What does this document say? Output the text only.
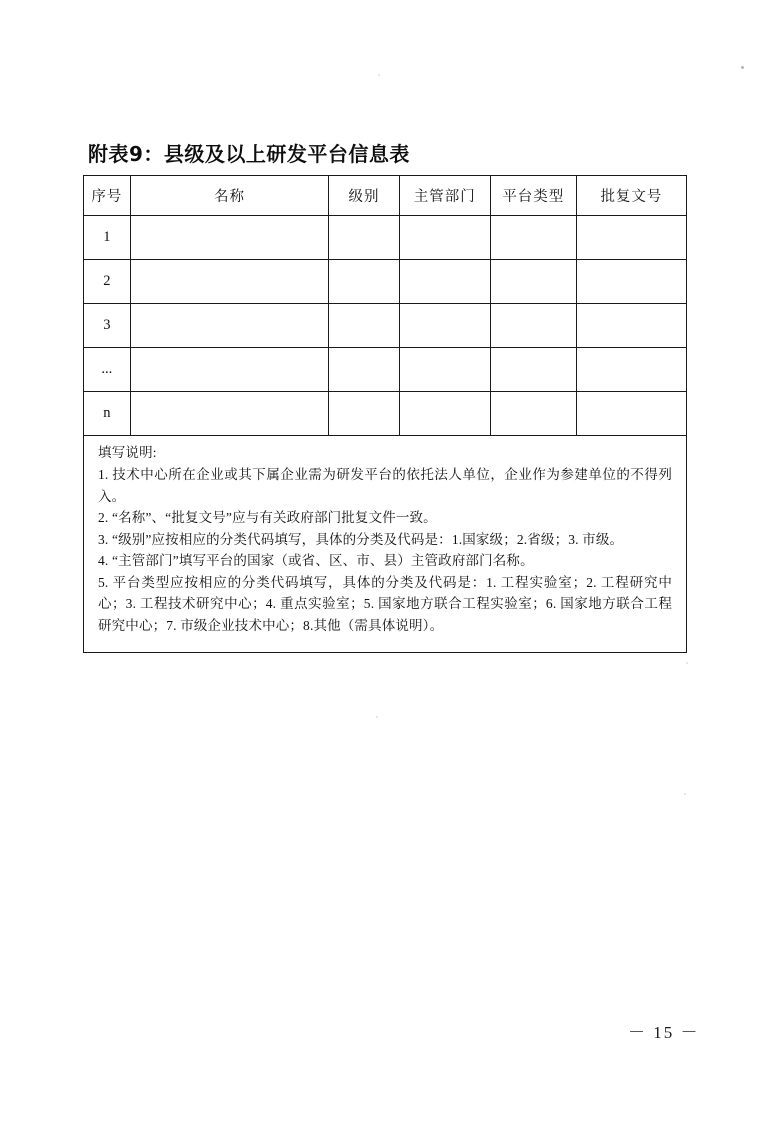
附表9：县级及以上研发平台信息表
序号	名称	级别	主管部门	平台类型	批复文号
1					
2					
3					
...					
n					
填写说明:

1. 技术中心所在企业或其下属企业需为研发平台的依托法人单位，企业作为参建单位的不得列入。

2. “名称”、“批复文号”应与有关政府部门批复文件一致。

3. “级别”应按相应的分类代码填写，具体的分类及代码是：1.国家级；2.省级；3. 市级。

4. “主管部门”填写平台的国家（或省、区、市、县）主管政府部门名称。

5. 平台类型应按相应的分类代码填写，具体的分类及代码是：1. 工程实验室；2. 工程研究中心；3. 工程技术研究中心；4. 重点实验室；5. 国家地方联合工程实验室；6. 国家地方联合工程研究中心；7. 市级企业技术中心；8.其他（需具体说明）。

－ 15 －
